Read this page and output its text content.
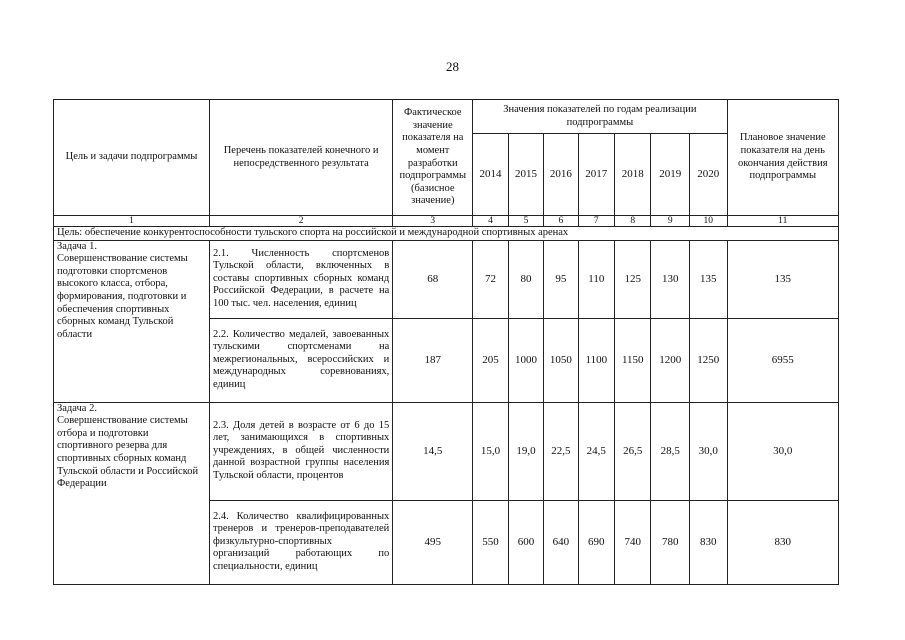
28
Цель и задачи подпрограммы	Перечень показателей конечного и непосредственного результата	Фактическое значение показателя на момент разработки подпрограммы (базисное значение)	Значения показателей по годам реализации подпрограммы							Плановое значение показателя на день окончания действия подпрограммы
			2014	2015	2016	2017	2018	2019	2020	
1	2	3	4	5	6	7	8	9	10	11
Цель: обеспечение конкурентоспособности тульского спорта на российской и международной спортивных аренах										

Задача 1.
Совершенствование системы подготовки спортсменов высокого класса, отбора, формирования, подготовки и обеспечения спортивных сборных команд Тульской области	2.1. Численность спортсменов Тульской области, включенных в составы спортивных сборных команд Российской Федерации, в расчете на 100 тыс. чел. населения, единиц	68	72	80	95	110	125	130	135	135
	2.2. Количество медалей, завоеванных тульскими спортсменами на межрегиональных, всероссийских и международных соревнованиях, единиц	187	205	1000	1050	1100	1150	1200	1250	6955

Задача 2.
Совершенствование системы отбора и подготовки спортивного резерва для спортивных сборных команд Тульской области и Российской Федерации	2.3. Доля детей в возрасте от 6 до 15 лет, занимающихся в спортивных учреждениях, в общей численности данной возрастной группы населения Тульской области, процентов	14,5	15,0	19,0	22,5	24,5	26,5	28,5	30,0	30,0
	2.4. Количество квалифицированных тренеров и тренеров-преподавателей физкультурно-спортивных организаций работающих по специальности, единиц	495	550	600	640	690	740	780	830	830
